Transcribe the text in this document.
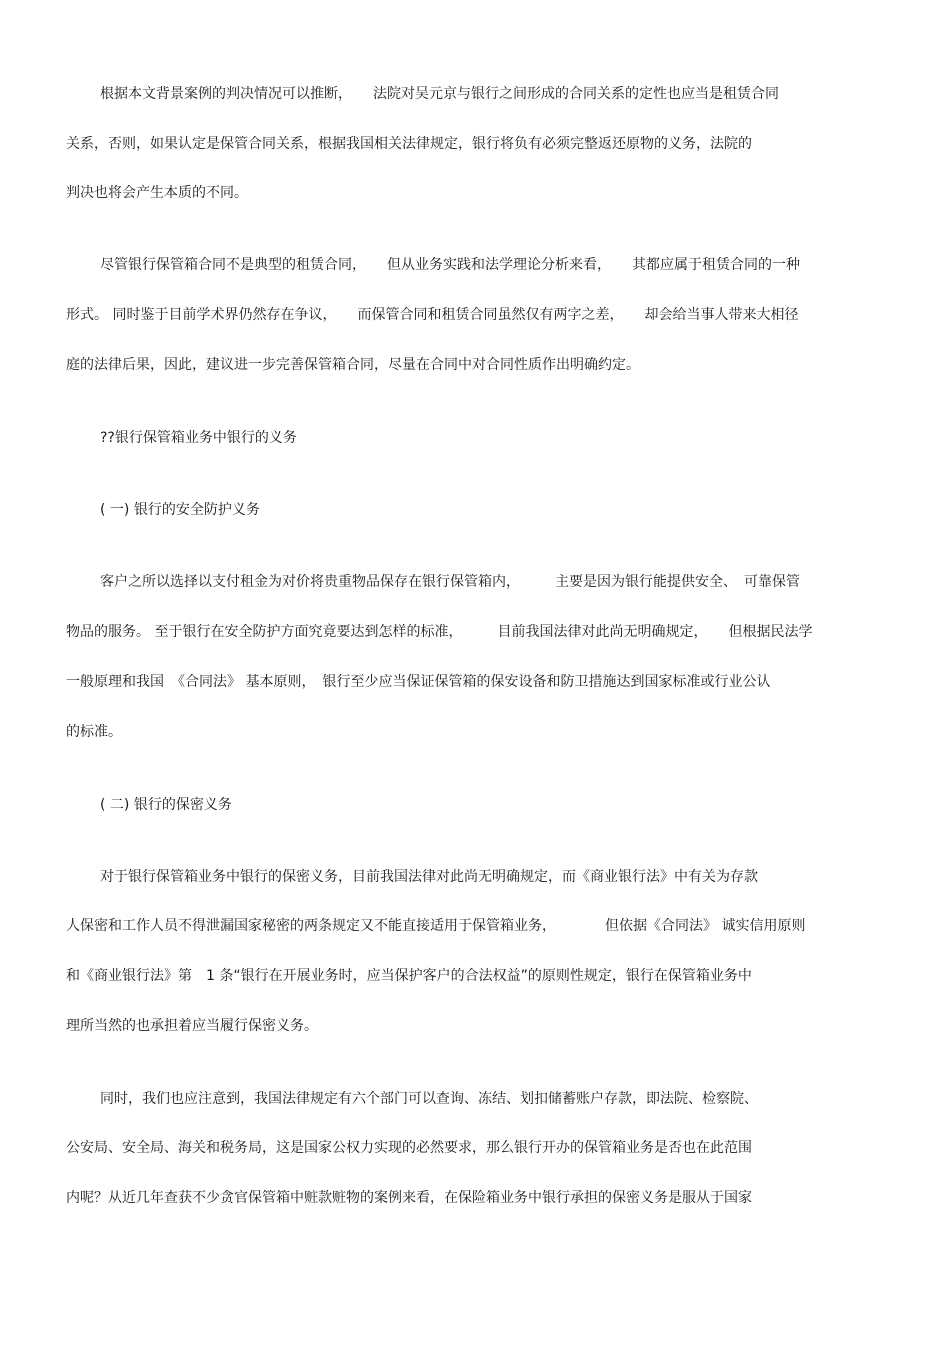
根据本文背景案例的判决情况可以推断，　　法院对吴元京与银行之间形成的合同关系的定性也应当是租赁合同
关系，否则，如果认定是保管合同关系，根据我国相关法律规定，银行将负有必须完整返还原物的义务，法院的
判决也将会产生本质的不同。
尽管银行保管箱合同不是典型的租赁合同，　　但从业务实践和法学理论分析来看，　　其都应属于租赁合同的一种
形式。 同时鉴于目前学术界仍然存在争议，　　而保管合同和租赁合同虽然仅有两字之差，　　却会给当事人带来大相径
庭的法律后果，因此，建议进一步完善保管箱合同，尽量在合同中对合同性质作出明确约定。
??银行保管箱业务中银行的义务
( 一) 银行的安全防护义务
客户之所以选择以支付租金为对价将贵重物品保存在银行保管箱内，　　　主要是因为银行能提供安全、　可靠保管
物品的服务。 至于银行在安全防护方面究竟要达到怎样的标准，　　　目前我国法律对此尚无明确规定，　　但根据民法学
一般原理和我国　《合同法》 基本原则，　银行至少应当保证保管箱的保安设备和防卫措施达到国家标准或行业公认
的标准。
( 二) 银行的保密义务
对于银行保管箱业务中银行的保密义务，目前我国法律对此尚无明确规定，而《商业银行法》中有关为存款
人保密和工作人员不得泄漏国家秘密的两条规定又不能直接适用于保管箱业务，　　　　但依据《合同法》 诚实信用原则
和《商业银行法》第　1 条“银行在开展业务时，应当保护客户的合法权益”的原则性规定，银行在保管箱业务中
理所当然的也承担着应当履行保密义务。
同时，我们也应注意到，我国法律规定有六个部门可以查询、冻结、划扣储蓄账户存款，即法院、检察院、
公安局、安全局、海关和税务局，这是国家公权力实现的必然要求，那么银行开办的保管箱业务是否也在此范围
内呢？从近几年查获不少贪官保管箱中赃款赃物的案例来看，在保险箱业务中银行承担的保密义务是服从于国家
